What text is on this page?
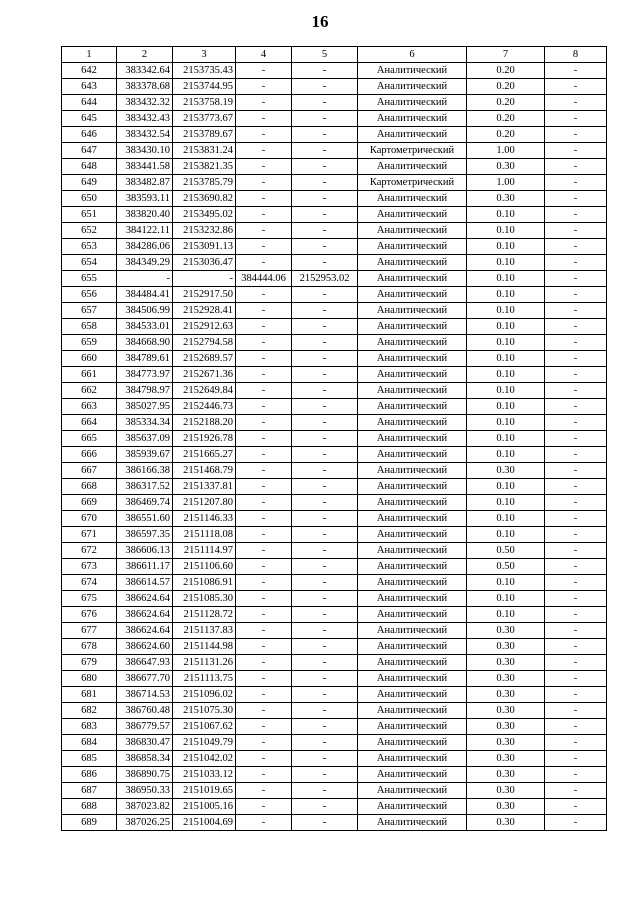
16
1	2	3	4	5	6	7	8
642	383342.64	2153735.43	-	-	Аналитический	0.20	-
643	383378.68	2153744.95	-	-	Аналитический	0.20	-
644	383432.32	2153758.19	-	-	Аналитический	0.20	-
645	383432.43	2153773.67	-	-	Аналитический	0.20	-
646	383432.54	2153789.67	-	-	Аналитический	0.20	-
647	383430.10	2153831.24	-	-	Картометрический	1.00	-
648	383441.58	2153821.35	-	-	Аналитический	0.30	-
649	383482.87	2153785.79	-	-	Картометрический	1.00	-
650	383593.11	2153690.82	-	-	Аналитический	0.30	-
651	383820.40	2153495.02	-	-	Аналитический	0.10	-
652	384122.11	2153232.86	-	-	Аналитический	0.10	-
653	384286.06	2153091.13	-	-	Аналитический	0.10	-
654	384349.29	2153036.47	-	-	Аналитический	0.10	-
655	-	-	384444.06	2152953.02	Аналитический	0.10	-
656	384484.41	2152917.50	-	-	Аналитический	0.10	-
657	384506.99	2152928.41	-	-	Аналитический	0.10	-
658	384533.01	2152912.63	-	-	Аналитический	0.10	-
659	384668.90	2152794.58	-	-	Аналитический	0.10	-
660	384789.61	2152689.57	-	-	Аналитический	0.10	-
661	384773.97	2152671.36	-	-	Аналитический	0.10	-
662	384798.97	2152649.84	-	-	Аналитический	0.10	-
663	385027.95	2152446.73	-	-	Аналитический	0.10	-
664	385334.34	2152188.20	-	-	Аналитический	0.10	-
665	385637.09	2151926.78	-	-	Аналитический	0.10	-
666	385939.67	2151665.27	-	-	Аналитический	0.10	-
667	386166.38	2151468.79	-	-	Аналитический	0.30	-
668	386317.52	2151337.81	-	-	Аналитический	0.10	-
669	386469.74	2151207.80	-	-	Аналитический	0.10	-
670	386551.60	2151146.33	-	-	Аналитический	0.10	-
671	386597.35	2151118.08	-	-	Аналитический	0.10	-
672	386606.13	2151114.97	-	-	Аналитический	0.50	-
673	386611.17	2151106.60	-	-	Аналитический	0.50	-
674	386614.57	2151086.91	-	-	Аналитический	0.10	-
675	386624.64	2151085.30	-	-	Аналитический	0.10	-
676	386624.64	2151128.72	-	-	Аналитический	0.10	-
677	386624.64	2151137.83	-	-	Аналитический	0.30	-
678	386624.60	2151144.98	-	-	Аналитический	0.30	-
679	386647.93	2151131.26	-	-	Аналитический	0.30	-
680	386677.70	2151113.75	-	-	Аналитический	0.30	-
681	386714.53	2151096.02	-	-	Аналитический	0.30	-
682	386760.48	2151075.30	-	-	Аналитический	0.30	-
683	386779.57	2151067.62	-	-	Аналитический	0.30	-
684	386830.47	2151049.79	-	-	Аналитический	0.30	-
685	386858.34	2151042.02	-	-	Аналитический	0.30	-
686	386890.75	2151033.12	-	-	Аналитический	0.30	-
687	386950.33	2151019.65	-	-	Аналитический	0.30	-
688	387023.82	2151005.16	-	-	Аналитический	0.30	-
689	387026.25	2151004.69	-	-	Аналитический	0.30	-
